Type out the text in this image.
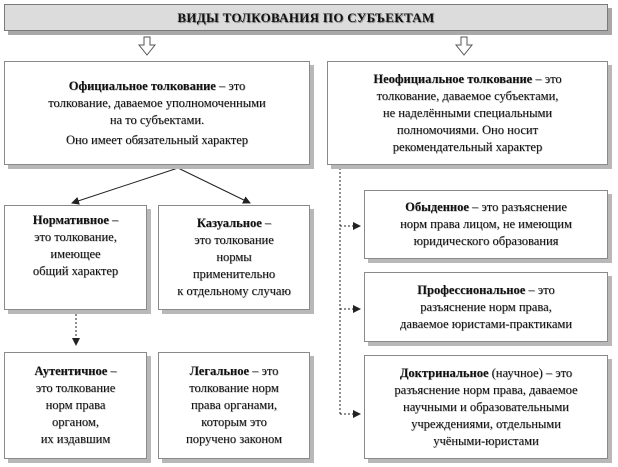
ВИДЫ ТОЛКОВАНИЯ ПО СУБЪЕКТАМ
Официальное толкование – это
толкование, даваемое уполномоченными
на то субъектами.
Оно имеет обязательный характер
Неофициальное толкование – это
толкование, даваемое субъектами,
не наделёнными специальными
полномочиями. Оно носит
рекомендательный характер
Нормативное –
это толкование,
имеющее
общий характер
Казуальное –
это толкование
нормы
применительно
к отдельному случаю
Аутентичное –
это толкование
норм права
органом,
их издавшим
Легальное – это
толкование норм
права органами,
которым это
поручено законом
Обыденное – это разъяснение
норм права лицом, не имеющим
юридического образования
Профессиональное – это
разъяснение норм права,
даваемое юристами-практиками
Доктринальное (научное) – это
разъяснение норм права, даваемое
научными и образовательными
учреждениями, отдельными
учёными-юристами
